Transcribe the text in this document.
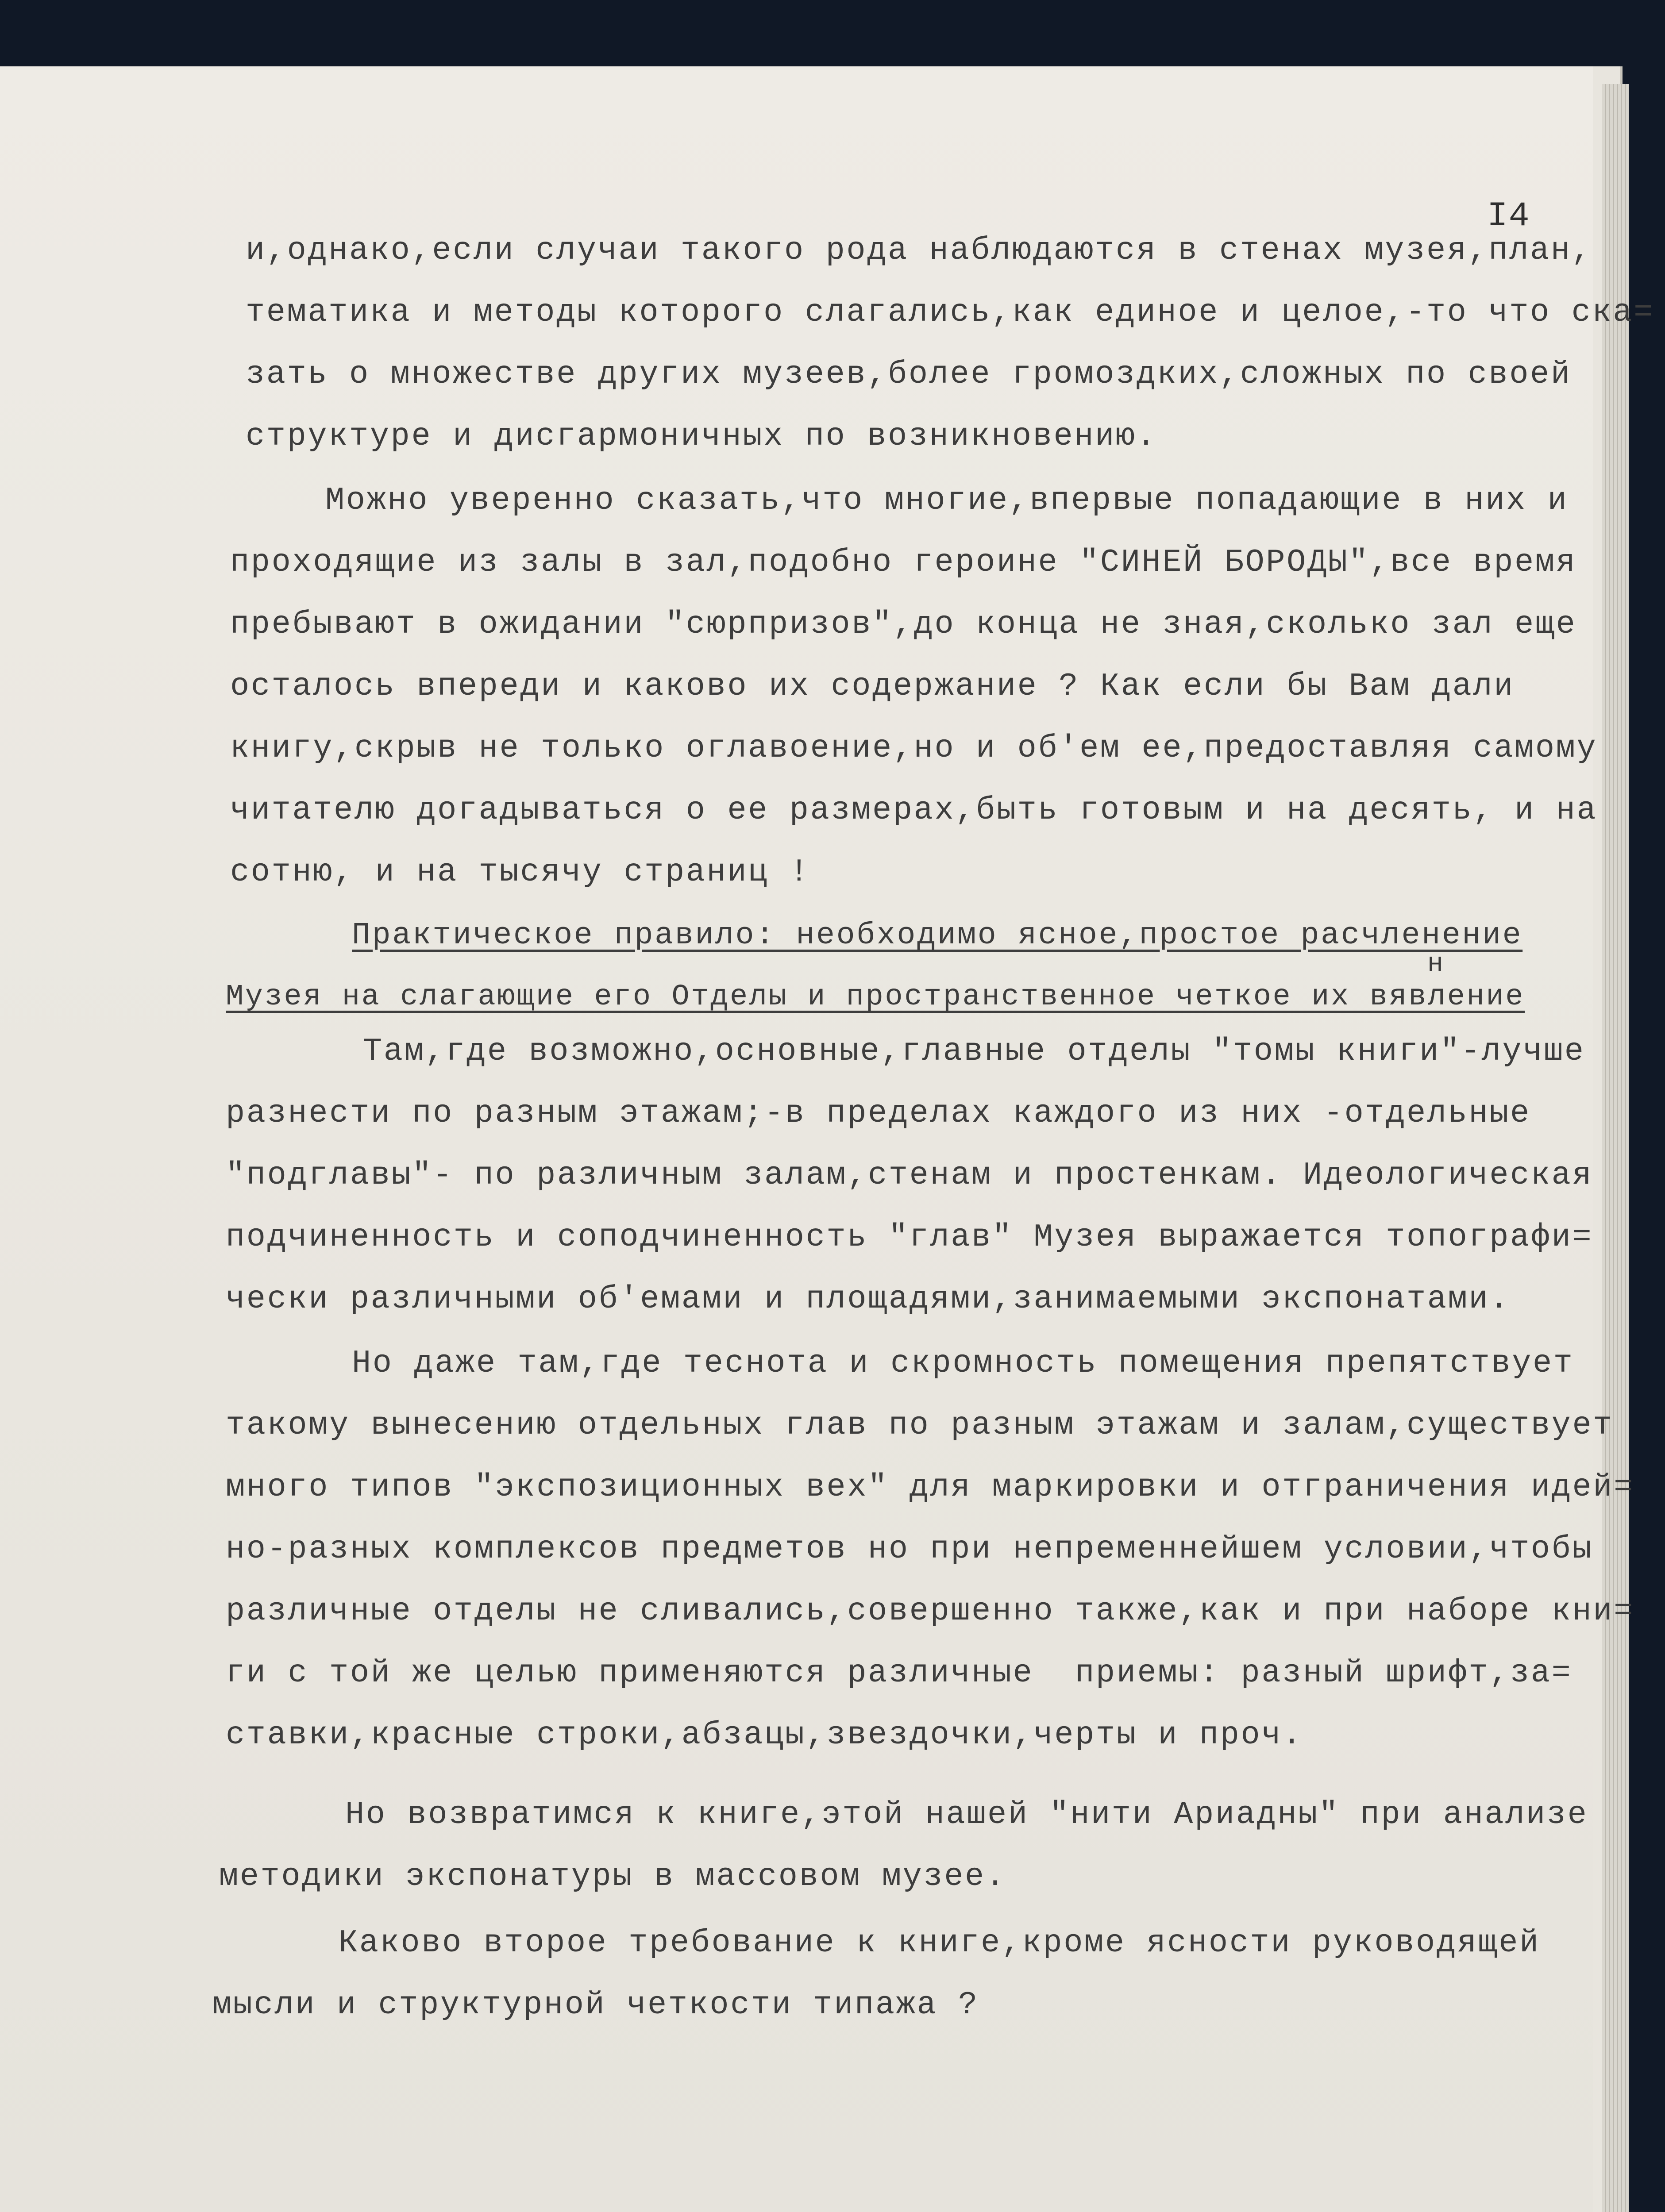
I4

и,однако,если случаи такого рода наблюдаются в стенах музея,план,

тематика и методы которого слагались,как единое и целое,-то что ска=

зать о множестве других музеев,более громоздких,сложных по своей

структуре и дисгармоничных по возникновению.

Можно уверенно сказать,что многие,впервые попадающие в них и

проходящие из залы в зал,подобно героине "СИНЕЙ БОРОДЫ",все время

пребывают в ожидании "сюрпризов",до конца не зная,сколько зал еще

осталось впереди и каково их содержание ? Как если бы Вам дали

книгу,скрыв не только оглавоение,но и об'ем ее,предоставляя самому

читателю догадываться о ее размерах,быть готовым и на десять, и на

сотню, и на тысячу страниц !

Практическое правило: необходимо ясное,простое расчленение

н

Музея на слагающие его Отделы и пространственное четкое их вявление

Там,где возможно,основные,главные отделы "томы книги"-лучше

разнести по разным этажам;-в пределах каждого из них -отдельные

"подглавы"- по различным залам,стенам и простенкам. Идеологическая

подчиненность и соподчиненность "глав" Музея выражается топографи=

чески различными об'емами и площадями,занимаемыми экспонатами.

Но даже там,где теснота и скромность помещения препятствует

такому вынесению отдельных глав по разным этажам и залам,существует

много типов "экспозиционных вех" для маркировки и отграничения идей=

но-разных комплексов предметов но при непременнейшем условии,чтобы

различные отделы не сливались,совершенно также,как и при наборе кни=

ги с той же целью применяются различные  приемы: разный шрифт,за=

ставки,красные строки,абзацы,звездочки,черты и проч.

Но возвратимся к книге,этой нашей "нити Ариадны" при анализе

методики экспонатуры в массовом музее.

Каково второе требование к книге,кроме ясности руководящей

мысли и структурной четкости типажа ?
